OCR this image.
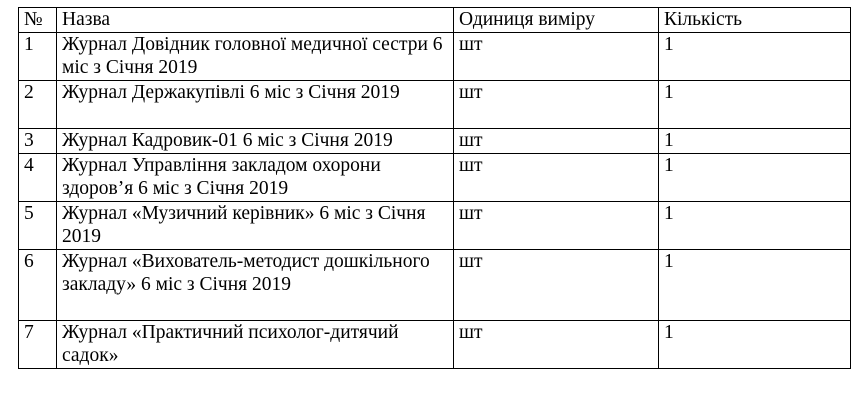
№	Назва	Одиниця виміру	Кількість
1	Журнал Довідник головної медичної сестри 6 міс з Січня 2019	шт	1
2	Журнал Держакупівлі 6 міс з Січня 2019	шт	1
3	Журнал Кадровик-01 6 міс з Січня 2019	шт	1
4	Журнал Управління закладом охорони здоров’я 6 міс з Січня 2019	шт	1
5	Журнал «Музичний керівник» 6 міс з Січня 2019	шт	1
6	Журнал «Вихователь-методист дошкільного закладу» 6 міс з Січня 2019	шт	1
7	Журнал «Практичний психолог-дитячий садок»	шт	1
